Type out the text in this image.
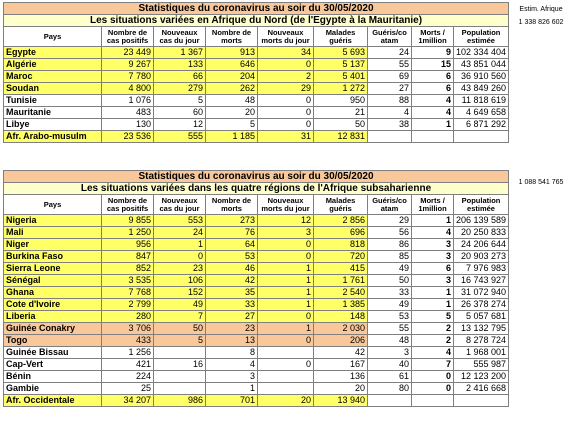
Estim. Afrique
1 338 826 602
1 088 541 765
Statistiques du coronavirus au soir du 30/05/2020								
Les situations variées en Afrique du Nord (de l'Egypte à la Mauritanie)								
Pays	Nombre de cas positifs	Nouveaux cas du jour	Nombre de morts	Nouveaux morts du jour	Malades guéris	Guéris/co atam	Morts / 1million	Population estimée
Egypte	23 449	1 367	913	34	5 693	24	9	102 334 404
Algérie	9 267	133	646	0	5 137	55	15	43 851 044
Maroc	7 780	66	204	2	5 401	69	6	36 910 560
Soudan	4 800	279	262	29	1 272	27	6	43 849 260
Tunisie	1 076	5	48	0	950	88	4	11 818 619
Mauritanie	483	60	20	0	21	4	4	4 649 658
Libye	130	12	5	0	50	38	1	6 871 292
Afr. Arabo-musulm	23 536	555	1 185	31	12 831			
Statistiques du coronavirus au soir du 30/05/2020								
Les situations variées dans les quatre régions de l'Afrique subsaharienne								
Pays	Nombre de cas positifs	Nouveaux cas du jour	Nombre de morts	Nouveaux morts du jour	Malades guéris	Guéris/co atam	Morts / 1million	Population estimée
Nigeria	9 855	553	273	12	2 856	29	1	206 139 589
Mali	1 250	24	76	3	696	56	4	20 250 833
Niger	956	1	64	0	818	86	3	24 206 644
Burkina Faso	847	0	53	0	720	85	3	20 903 273
Sierra Leone	852	23	46	1	415	49	6	7 976 983
Sénégal	3 535	106	42	1	1 761	50	3	16 743 927
Ghana	7 768	152	35	1	2 540	33	1	31 072 940
Cote d'Ivoire	2 799	49	33	1	1 385	49	1	26 378 274
Liberia	280	7	27	0	148	53	5	5 057 681
Guinée Conakry	3 706	50	23	1	2 030	55	2	13 132 795
Togo	433	5	13	0	206	48	2	8 278 724
Guinée Bissau	1 256		8		42	3	4	1 968 001
Cap-Vert	421	16	4	0	167	40	7	555 987
Bénin	224		3		136	61	0	12 123 200
Gambie	25		1		20	80	0	2 416 668
Afr. Occidentale	34 207	986	701	20	13 940			
